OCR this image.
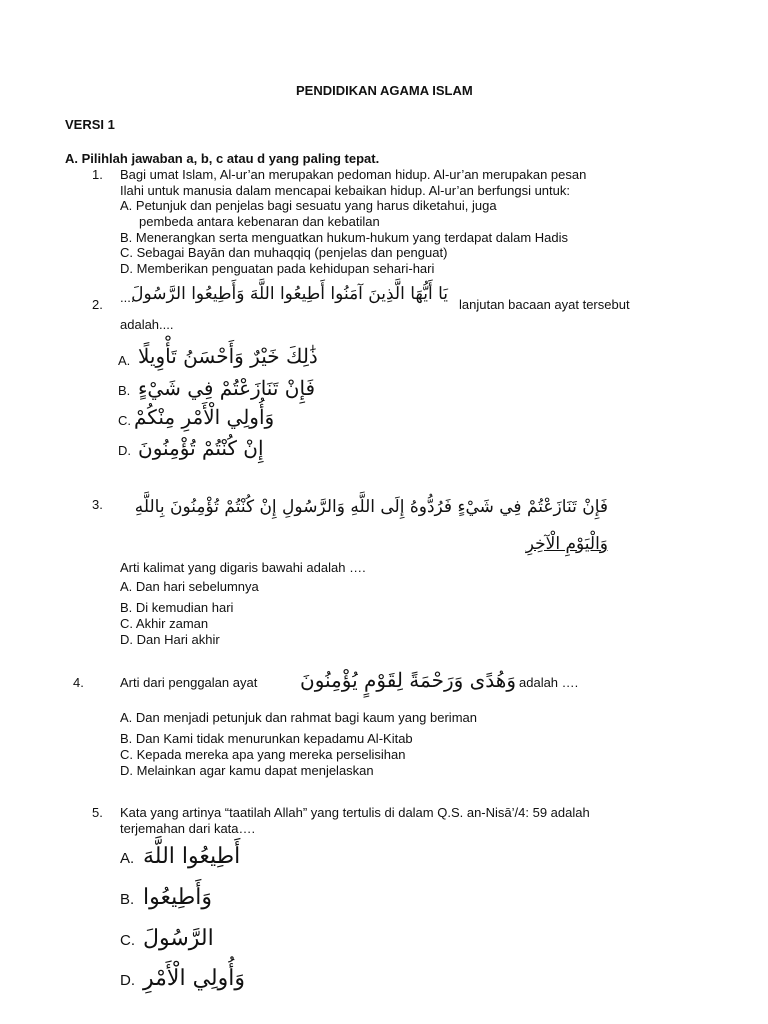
PENDIDIKAN AGAMA ISLAM
VERSI 1
A. Pilihlah jawaban a, b, c atau d yang paling tepat.
1. Bagi umat Islam, Al-ur’an merupakan pedoman hidup. Al-ur’an merupakan pesan
Ilahi untuk manusia dalam mencapai kebaikan hidup. Al-ur’an berfungsi untuk:
A. Petunjuk dan penjelas bagi sesuatu yang harus diketahui, juga
pembeda antara kebenaran dan kebatilan
B. Menerangkan serta menguatkan hukum-hukum yang terdapat dalam Hadis
C. Sebagai Bayān dan muhaqqiq (penjelas dan penguat)
D. Memberikan penguatan pada kehidupan sehari-hari
2. ....
يَا أَيُّهَا الَّذِينَ آمَنُوا أَطِيعُوا اللَّهَ وَأَطِيعُوا الرَّسُولَ
lanjutan bacaan ayat tersebut
adalah....
A. ذَٰلِكَ خَيْرٌ وَأَحْسَنُ تَأْوِيلًا
B. فَإِنْ تَنَازَعْتُمْ فِي شَيْءٍ
C. وَأُولِي الْأَمْرِ مِنْكُمْ
D. إِنْ كُنْتُمْ تُؤْمِنُونَ
3. فَإِنْ تَنَازَعْتُمْ فِي شَيْءٍ فَرُدُّوهُ إِلَى اللَّهِ وَالرَّسُولِ إِنْ كُنْتُمْ تُؤْمِنُونَ بِاللَّهِ
وَالْيَوْمِ الْآخِرِ
Arti kalimat yang digaris bawahi adalah ….
A. Dan hari sebelumnya
B. Di kemudian hari
C. Akhir zaman
D. Dan Hari akhir
4.	Arti dari penggalan ayat وَهُدًى وَرَحْمَةً لِقَوْمٍ يُؤْمِنُونَ adalah ….
A. Dan menjadi petunjuk dan rahmat bagi kaum yang beriman
B. Dan Kami tidak menurunkan kepadamu Al-Kitab
C. Kepada mereka apa yang mereka perselisihan
D. Melainkan agar kamu dapat menjelaskan
5. Kata yang artinya “taatilah Allah” yang tertulis di dalam Q.S. an-Nisā’/4: 59 adalah
terjemahan dari kata….
A. أَطِيعُوا اللَّهَ
B. وَأَطِيعُوا
C. الرَّسُولَ
D. وَأُولِي الْأَمْرِ
